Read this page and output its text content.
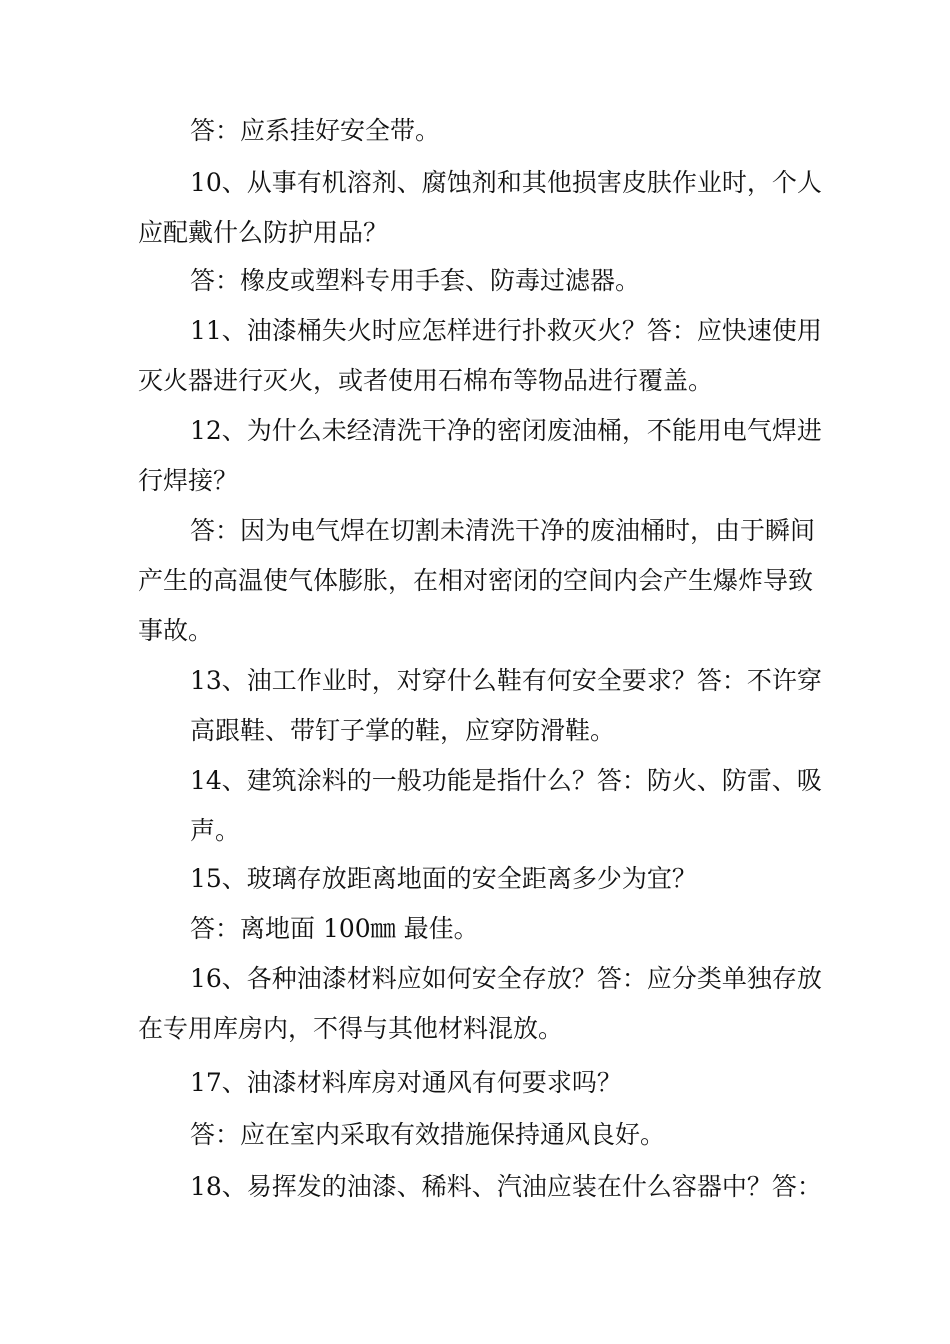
答：应系挂好安全带。
10、从事有机溶剂、腐蚀剂和其他损害皮肤作业时，个人
应配戴什么防护用品？
答：橡皮或塑料专用手套、防毒过滤器。
11、油漆桶失火时应怎样进行扑救灭火？答：应快速使用
灭火器进行灭火，或者使用石棉布等物品进行覆盖。
12、为什么未经清洗干净的密闭废油桶，不能用电气焊进
行焊接？
答：因为电气焊在切割未清洗干净的废油桶时，由于瞬间
产生的高温使气体膨胀，在相对密闭的空间内会产生爆炸导致
事故。
13、油工作业时，对穿什么鞋有何安全要求？答：不许穿
高跟鞋、带钉子掌的鞋，应穿防滑鞋。
14、建筑涂料的一般功能是指什么？答：防火、防雷、吸
声。
15、玻璃存放距离地面的安全距离多少为宜？
答：离地面 100㎜ 最佳。
16、各种油漆材料应如何安全存放？答：应分类单独存放
在专用库房内，不得与其他材料混放。
17、油漆材料库房对通风有何要求吗？
答：应在室内采取有效措施保持通风良好。
18、易挥发的油漆、稀料、汽油应装在什么容器中？答：
